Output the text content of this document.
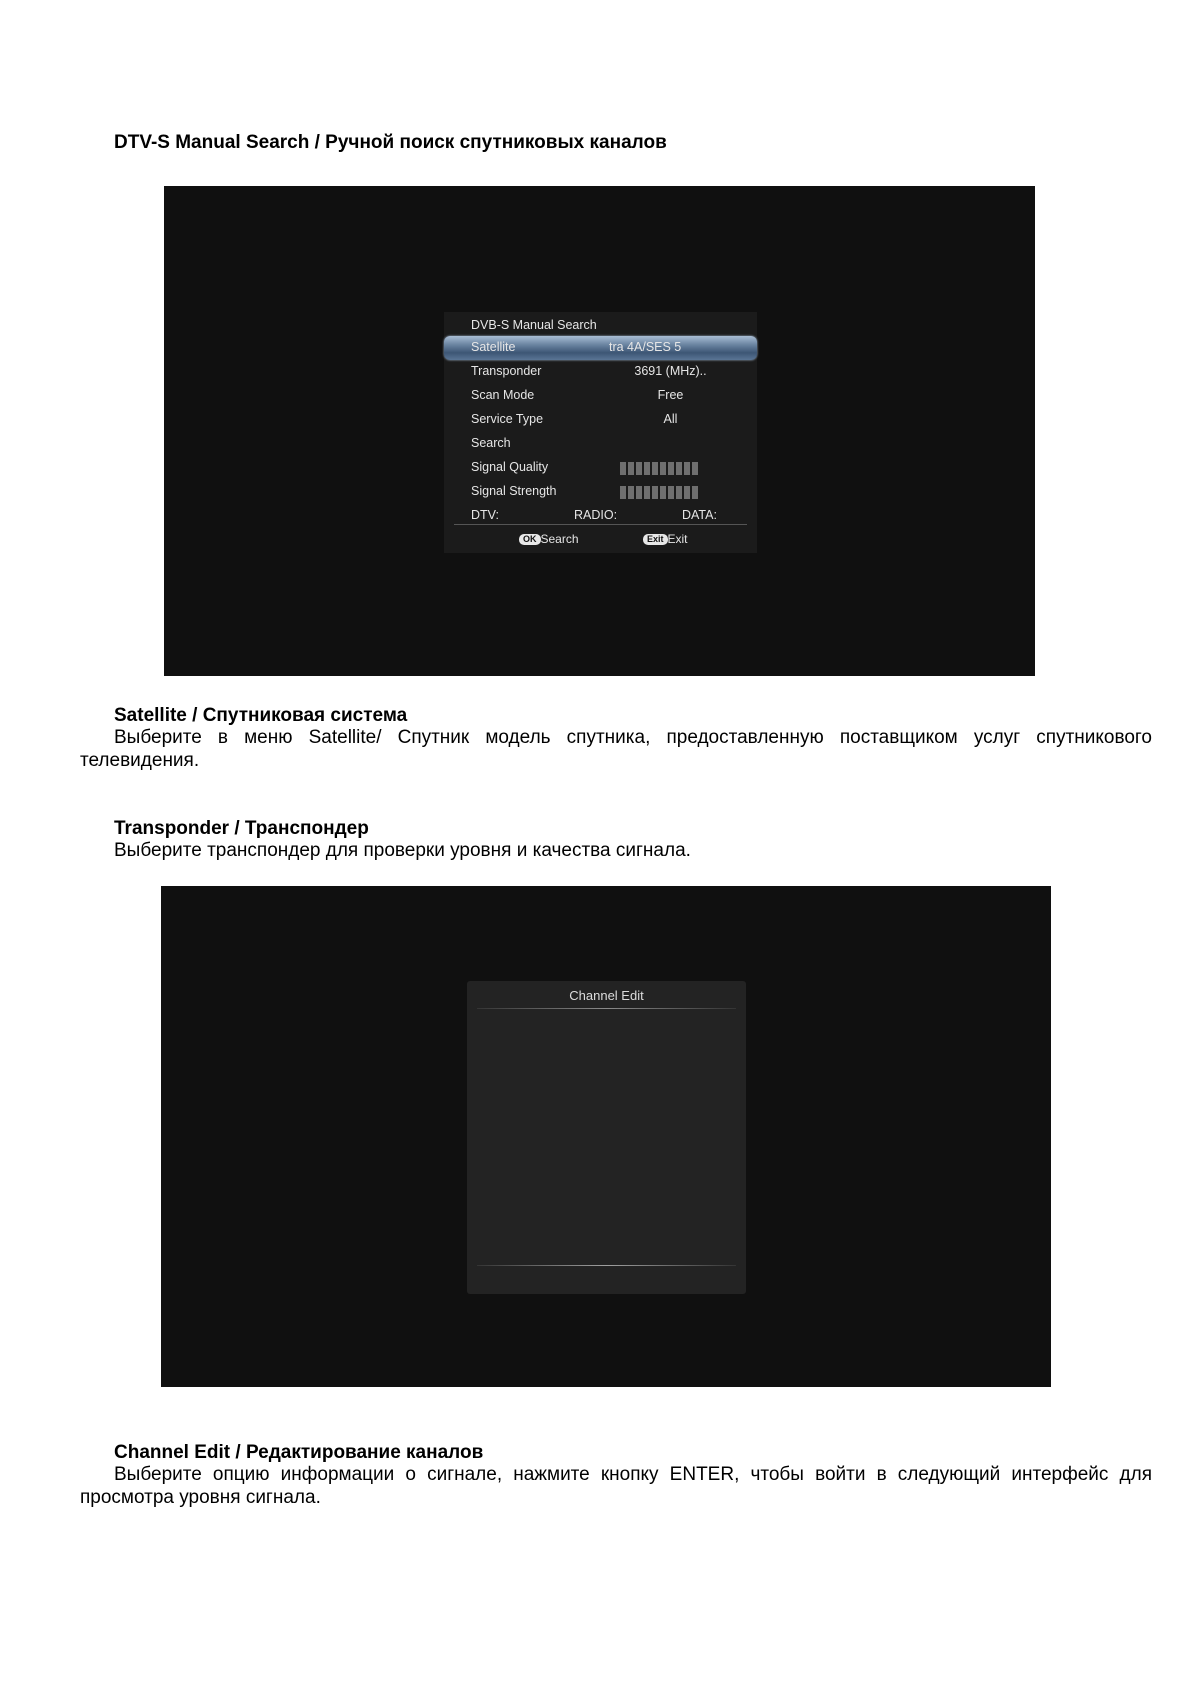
DTV-S Manual Search / Ручной поиск спутниковых каналов
DVB-S Manual Search
Satellite	tra 4A/SES 5
Transponder	3691 (MHz)..
Scan Mode	Free
Service Type	All
Search
Signal Quality
Signal Strength
DTV:	RADIO:	DATA:
OK Search	Exit Exit
Satellite / Спутниковая система

Выберите в меню Satellite/ Спутник модель спутника, предоставленную поставщиком услуг спутникового телевидения.

Transponder / Транспондер

Выберите транспондер для проверки уровня и качества сигнала.

Channel Edit
Channel Edit / Редактирование каналов

Выберите опцию информации о сигнале, нажмите кнопку ENTER, чтобы войти в следующий интерфейс для просмотра уровня сигнала.
